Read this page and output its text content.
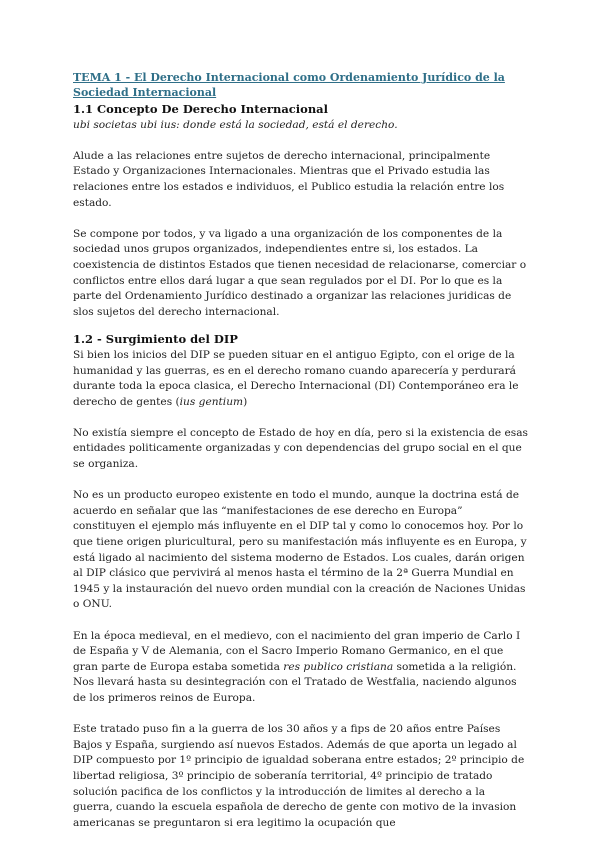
TEMA 1 - El Derecho Internacional como Ordenamiento Jurídico de la Sociedad Internacional

1.1 Concepto De Derecho Internacional

ubi societas ubi ius: donde está la sociedad, está el derecho.

Alude a las relaciones entre sujetos de derecho internacional, principalmente Estado y Organizaciones Internacionales. Mientras que el Privado estudia las relaciones entre los estados e individuos, el Publico estudia la relación entre los estado.

Se compone por todos, y va ligado a una organización de los componentes de la sociedad unos grupos organizados, independientes entre si, los estados. La coexistencia de distintos Estados que tienen necesidad de relacionarse, comerciar o conflictos entre ellos dará lugar a que sean regulados por el DI. Por lo que es la parte del Ordenamiento Jurídico destinado a organizar las relaciones juridicas de slos sujetos del derecho internacional.

1.2 - Surgimiento del DIP

Si bien los inicios del DIP se pueden situar en el antiguo Egipto, con el orige de la humanidad y las guerras, es en el derecho romano cuando aparecería y perdurará durante toda la epoca clasica, el Derecho Internacional (DI) Contemporáneo era le derecho de gentes (ius gentium)

No existía siempre el concepto de Estado de hoy en día, pero si la existencia de esas entidades politicamente organizadas y con dependencias del grupo social en el que se organiza.

No es un producto europeo existente en todo el mundo, aunque la doctrina está de acuerdo en señalar que las “manifestaciones de ese derecho en Europa” constituyen el ejemplo más influyente en el DIP tal y como lo conocemos hoy. Por lo que tiene origen pluricultural, pero su manifestación más influyente es en Europa, y está ligado al nacimiento del sistema moderno de Estados. Los cuales, darán origen al DIP clásico que pervivirá al menos hasta el término de la 2ª Guerra Mundial en 1945 y la instauración del nuevo orden mundial con la creación de Naciones Unidas o ONU.

En la época medieval, en el medievo, con el nacimiento del gran imperio de Carlo I de España y V de Alemania, con el Sacro Imperio Romano Germanico, en el que gran parte de Europa estaba sometida res publico cristiana sometida a la religión. Nos llevará hasta su desintegración con el Tratado de Westfalia, naciendo algunos de los primeros reinos de Europa.

Este tratado puso fin a la guerra de los 30 años y a fips de 20 años entre Países Bajos y España, surgiendo así nuevos Estados. Además de que aporta un legado al DIP compuesto por 1º principio de igualdad soberana entre estados; 2º principio de libertad religiosa, 3º principio de soberanía territorial, 4º principio de tratado solución pacifica de los conflictos y la introducción de limites al derecho a la guerra, cuando la escuela española de derecho de gente con motivo de la invasion americanas se preguntaron si era legitimo la ocupación que
